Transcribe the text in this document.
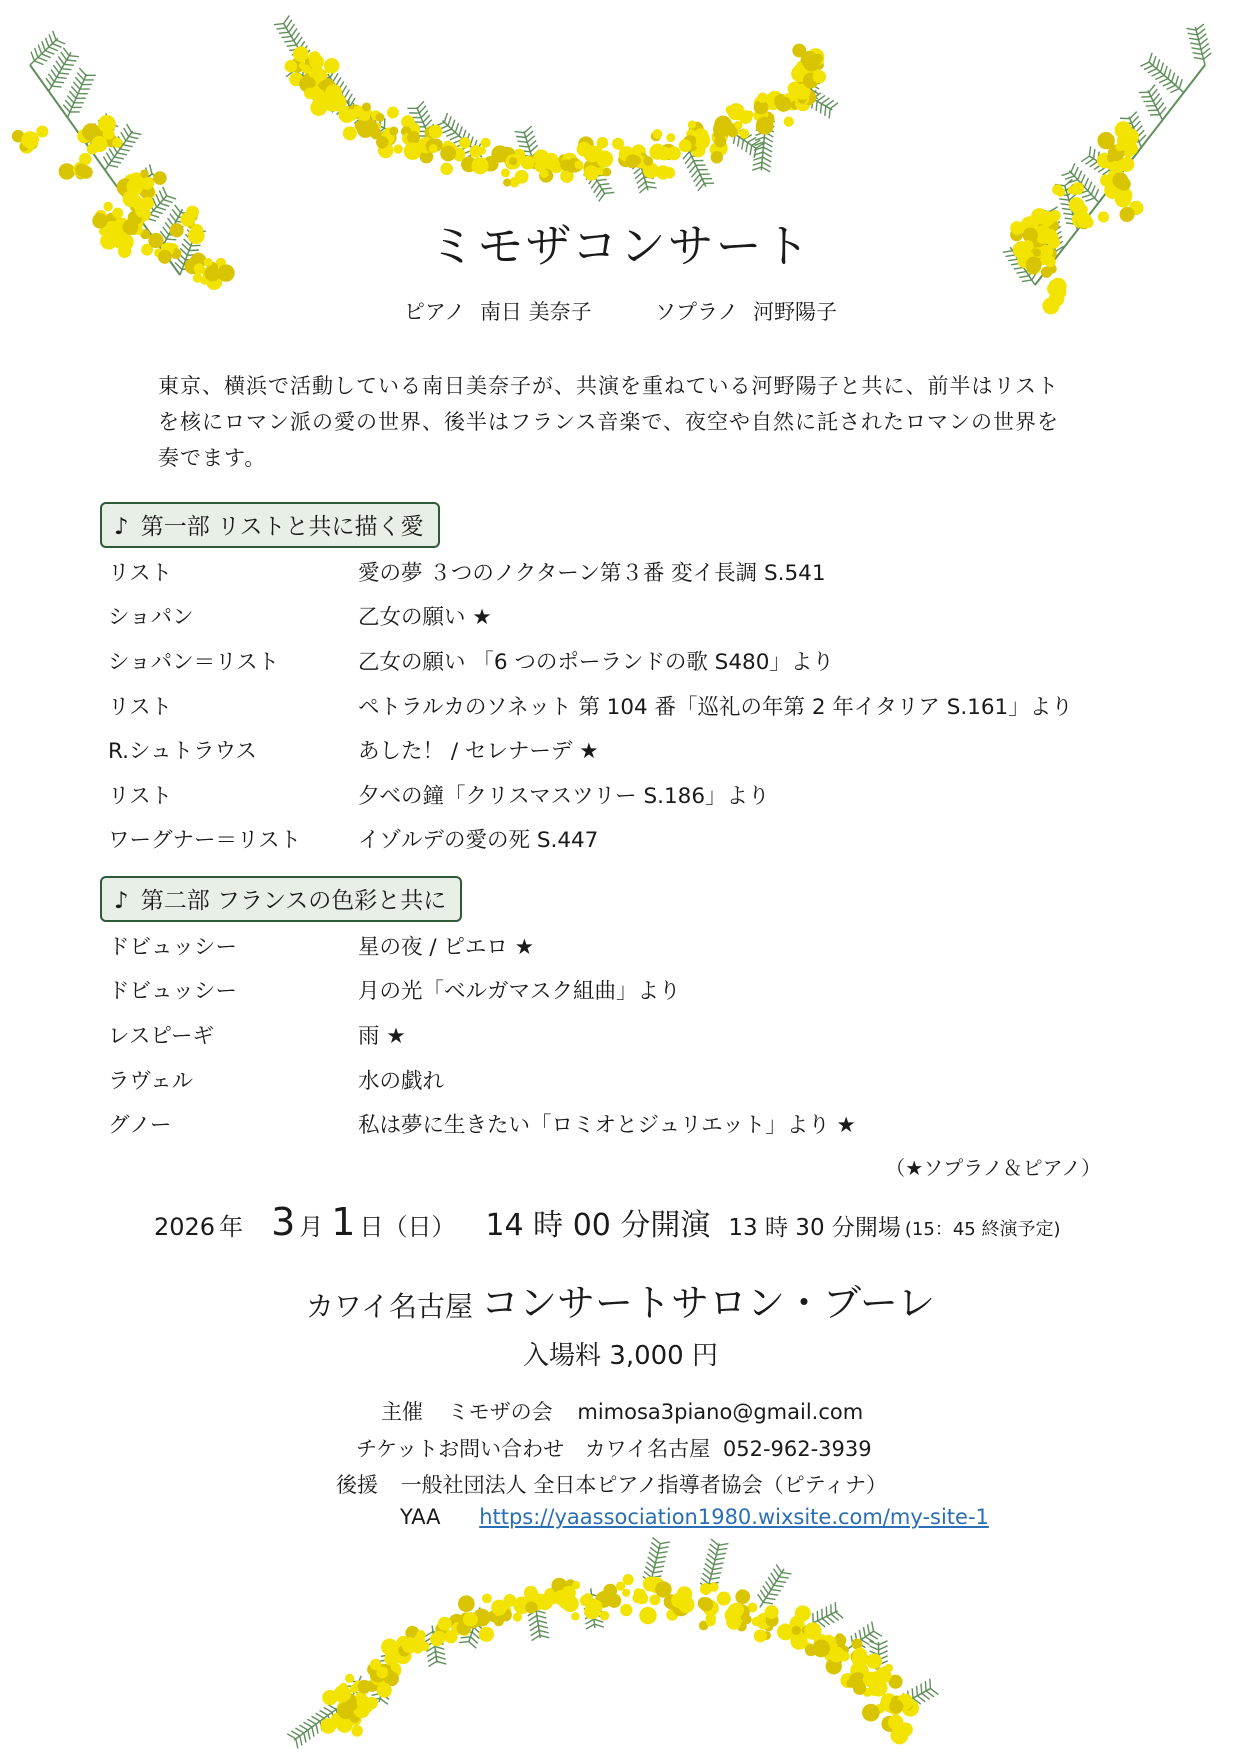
ミモザコンサート
ピアノ 南日 美奈子	ソプラノ 河野陽子
東京、横浜で活動している南日美奈子が、共演を重ねている河野陽子と共に、前半はリスト
を核にロマン派の愛の世界、後半はフランス音楽で、夜空や自然に託されたロマンの世界を
奏でます。
♪ 第一部 リストと共に描く愛
リスト	愛の夢 ３つのノクターン第３番 変イ長調 S.541
ショパン	乙女の願い ★
ショパン＝リスト	乙女の願い 「6 つのポーランドの歌 S480」より
リスト	ペトラルカのソネット 第 104 番「巡礼の年第 2 年イタリア S.161」より
R.シュトラウス	あした！ / セレナーデ ★
リスト	夕べの鐘「クリスマスツリー S.186」より
ワーグナー＝リスト	イゾルデの愛の死 S.447
♪ 第二部 フランスの色彩と共に
ドビュッシー	星の夜 / ピエロ ★
ドビュッシー	月の光「ベルガマスク組曲」より
レスピーギ	雨 ★
ラヴェル	水の戯れ
グノー	私は夢に生きたい「ロミオとジュリエット」より ★
（★ソプラノ＆ピアノ）
2026 年 3 月 1 日 （日） 14 時 00 分開演 13 時 30 分開場 (15：45 終演予定)
カワイ名古屋 コンサートサロン・ブーレ
入場料 3,000 円
主催 ミモザの会 mimosa3piano@gmail.com
チケットお問い合わせ カワイ名古屋 052-962-3939
後援 一般社団法人 全日本ピアノ指導者協会（ピティナ）
YAA https://yaassociation1980.wixsite.com/my-site-1
